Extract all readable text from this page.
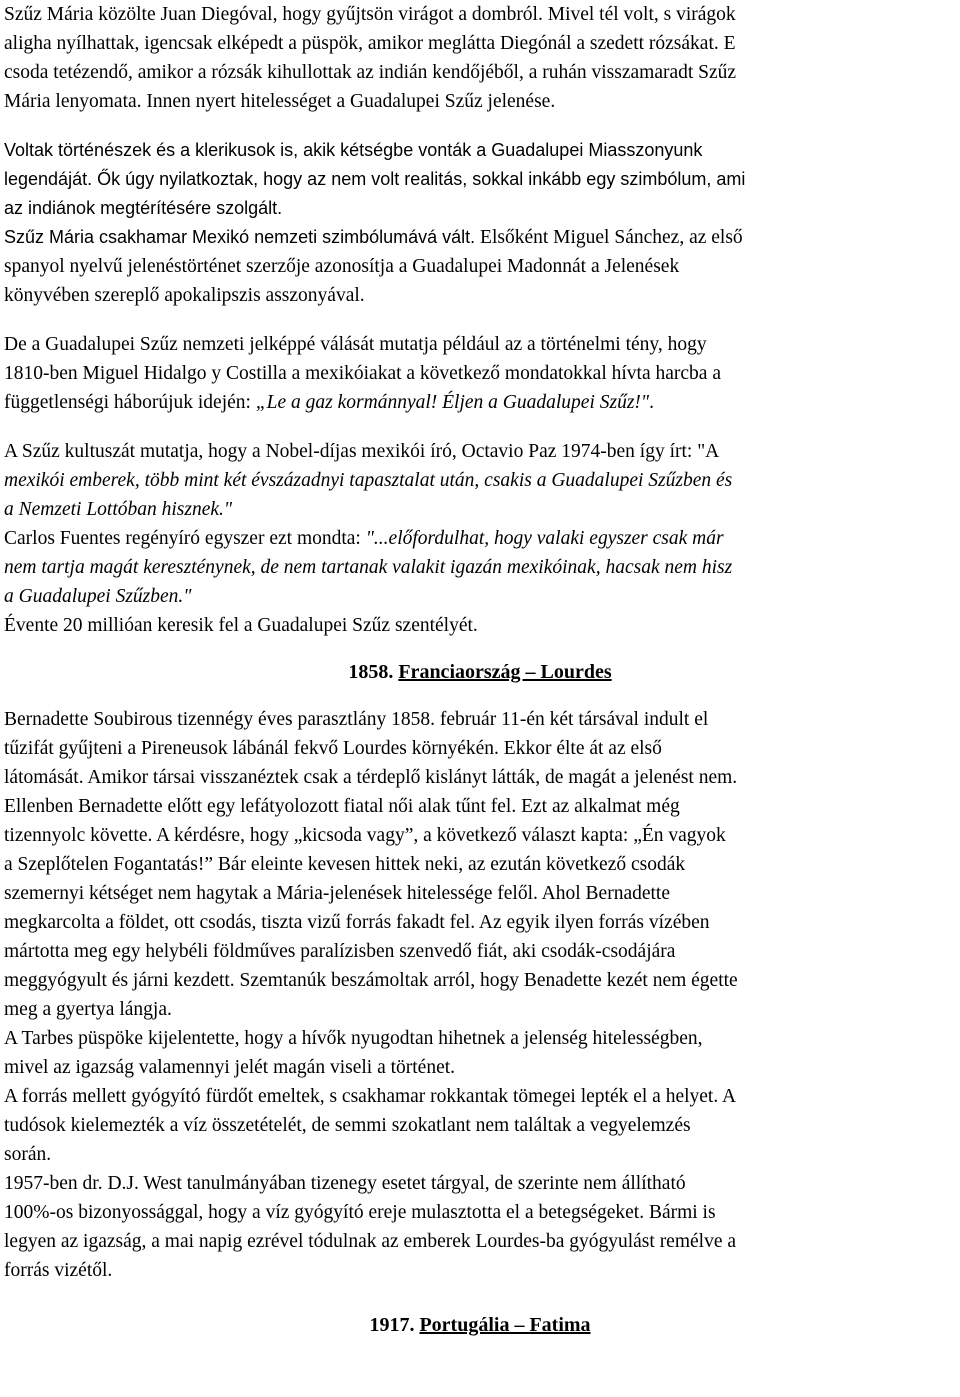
Szűz Mária közölte Juan Diegóval, hogy gyűjtsön virágot a dombról. Mivel tél volt, s virágok

aligha nyílhattak, igencsak elképedt a püspök, amikor meglátta Diegónál a szedett rózsákat. E

csoda tetézendő, amikor a rózsák kihullottak az indián kendőjéből, a ruhán visszamaradt Szűz

Mária lenyomata. Innen nyert hitelességet a Guadalupei Szűz jelenése.

Voltak történészek és a klerikusok is, akik kétségbe vonták a Guadalupei Miasszonyunk

legendáját. Ők úgy nyilatkoztak, hogy az nem volt realitás, sokkal inkább egy szimbólum, ami

az indiánok megtérítésére szolgált.

Szűz Mária csakhamar Mexikó nemzeti szimbólumává vált. Elsőként Miguel Sánchez, az első

spanyol nyelvű jelenéstörténet szerzője azonosítja a Guadalupei Madonnát a Jelenések

könyvében szereplő apokalipszis asszonyával.

De a Guadalupei Szűz nemzeti jelképpé válását mutatja például az a történelmi tény, hogy

1810-ben Miguel Hidalgo y Costilla a mexikóiakat a következő mondatokkal hívta harcba a

függetlenségi háborújuk idején: „Le a gaz kormánnyal! Éljen a Guadalupei Szűz!".

A Szűz kultuszát mutatja, hogy a Nobel-díjas mexikói író, Octavio Paz 1974-ben így írt: "A

mexikói emberek, több mint két évszázadnyi tapasztalat után, csakis a Guadalupei Szűzben és

a Nemzeti Lottóban hisznek."

Carlos Fuentes regényíró egyszer ezt mondta: "...előfordulhat, hogy valaki egyszer csak már

nem tartja magát kereszténynek, de nem tartanak valakit igazán mexikóinak, hacsak nem hisz

a Guadalupei Szűzben."

Évente 20 millióan keresik fel a Guadalupei Szűz szentélyét.

1858. Franciaország – Lourdes

Bernadette Soubirous tizennégy éves parasztlány 1858. február 11-én két társával indult el

tűzifát gyűjteni a Pireneusok lábánál fekvő Lourdes környékén. Ekkor élte át az első

látomását. Amikor társai visszanéztek csak a térdeplő kislányt látták, de magát a jelenést nem.

Ellenben Bernadette előtt egy lefátyolozott fiatal női alak tűnt fel. Ezt az alkalmat még

tizennyolc követte. A kérdésre, hogy „kicsoda vagy”, a következő választ kapta: „Én vagyok

a Szeplőtelen Fogantatás!” Bár eleinte kevesen hittek neki, az ezután következő csodák

szemernyi kétséget nem hagytak a Mária-jelenések hitelessége felől. Ahol Bernadette

megkarcolta a földet, ott csodás, tiszta vizű forrás fakadt fel. Az egyik ilyen forrás vízében

mártotta meg egy helybéli földműves paralízisben szenvedő fiát, aki csodák-csodájára

meggyógyult és járni kezdett. Szemtanúk beszámoltak arról, hogy Benadette kezét nem égette

meg a gyertya lángja.

A Tarbes püspöke kijelentette, hogy a hívők nyugodtan hihetnek a jelenség hitelességben,

mivel az igazság valamennyi jelét magán viseli a történet.

A forrás mellett gyógyító fürdőt emeltek, s csakhamar rokkantak tömegei lepték el a helyet. A

tudósok kielemezték a víz összetételét, de semmi szokatlant nem találtak a vegyelemzés

során.

1957-ben dr. D.J. West tanulmányában tizenegy esetet tárgyal, de szerinte nem állítható

100%-os bizonyossággal, hogy a víz gyógyító ereje mulasztotta el a betegségeket. Bármi is

legyen az igazság, a mai napig ezrével tódulnak az emberek Lourdes-ba gyógyulást remélve a

forrás vizétől.

1917. Portugália – Fatima
